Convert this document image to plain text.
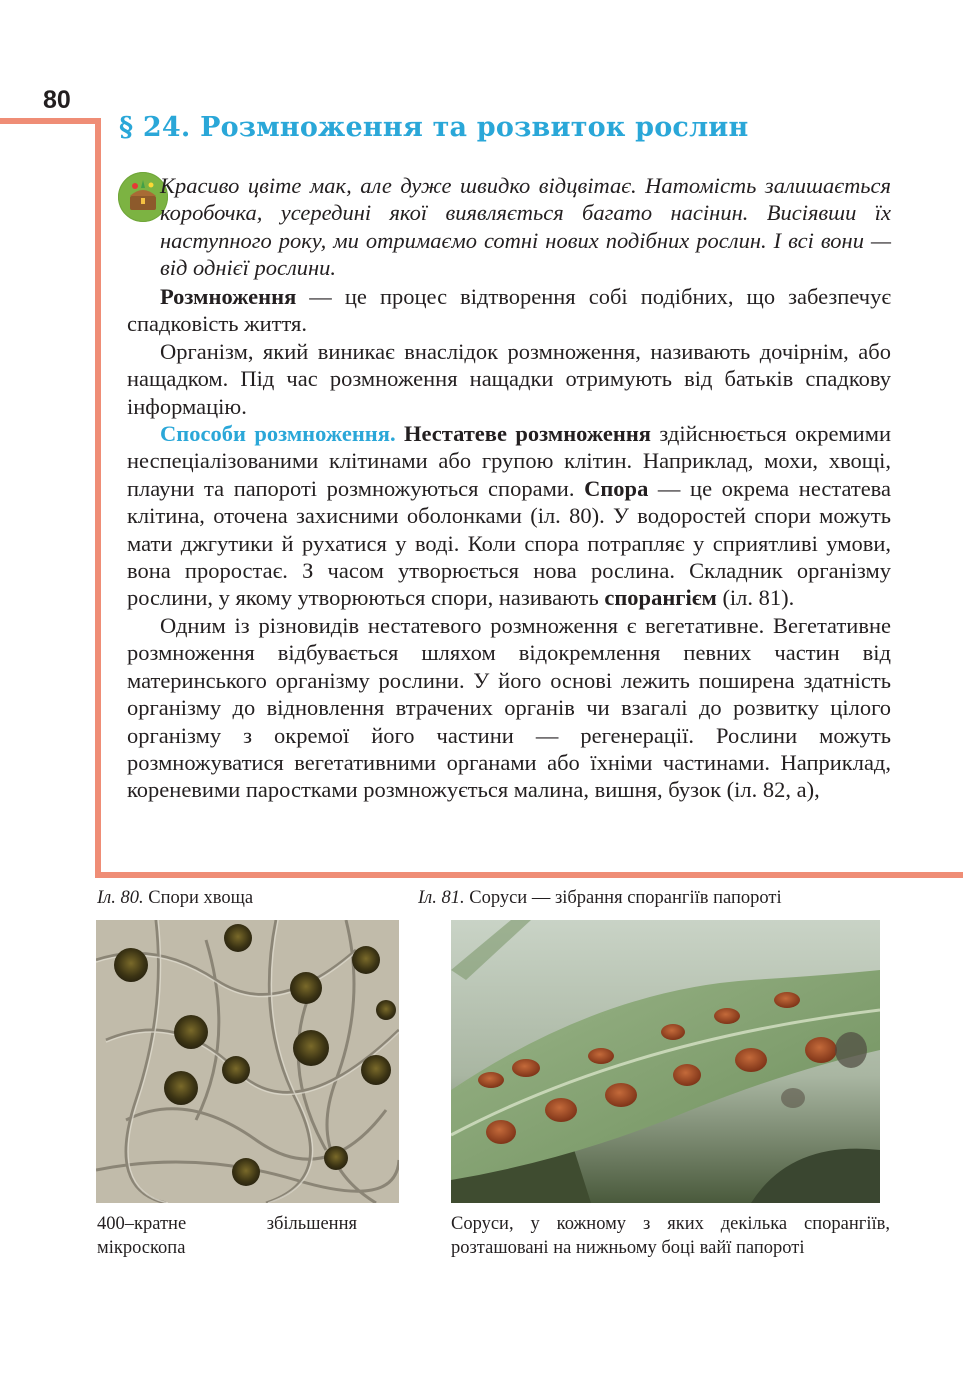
80
§ 24. Розмноження та розвиток рослин
Красиво цвіте мак, але дуже швидко відцвітає. Натомість залишається коробочка, усередині якої виявляється багато насінин. Висіявши їх наступного року, ми отримаємо сотні нових подібних рослин. І всі вони — від однієї рослини.

Розмноження — це процес відтворення собі подібних, що забезпечує спадковість життя.

Організм, який виникає внаслідок розмноження, називають дочірнім, або нащадком. Під час розмноження нащадки отримують від батьків спадкову інформацію.

Способи розмноження. Нестатеве розмноження здійснюється окремими неспеціалізованими клітинами або групою клітин. Наприклад, мохи, хвощі, плауни та папороті розмножуються спорами. Спора — це окрема нестатева клітина, оточена захисними оболонками (іл. 80). У водоростей спори можуть мати джгутики й рухатися у воді. Коли спора потрапляє у сприятливі умови, вона проростає. З часом утворюється нова рослина. Складник організму рослини, у якому утворюються спори, називають спорангієм (іл. 81).

Одним із різновидів нестатевого розмноження є вегетативне. Вегетативне розмноження відбувається шляхом відокремлення певних частин від материнського організму рослини. У його основі лежить поширена здатність організму до відновлення втрачених органів чи взагалі до розвитку цілого організму з окремої його частини — регенерації. Рослини можуть розмножуватися вегетативними органами або їхніми частинами. Наприклад, кореневими паростками розмножується малина, вишня, бузок (іл. 82, а),

Іл. 80. Спори хвоща
400–кратне збільшення мікроскопа
Іл. 81. Соруси — зібрання спорангіїв папороті
Соруси, у кожному з яких декілька спорангіїв, розташовані на нижньому боці вайї папороті
